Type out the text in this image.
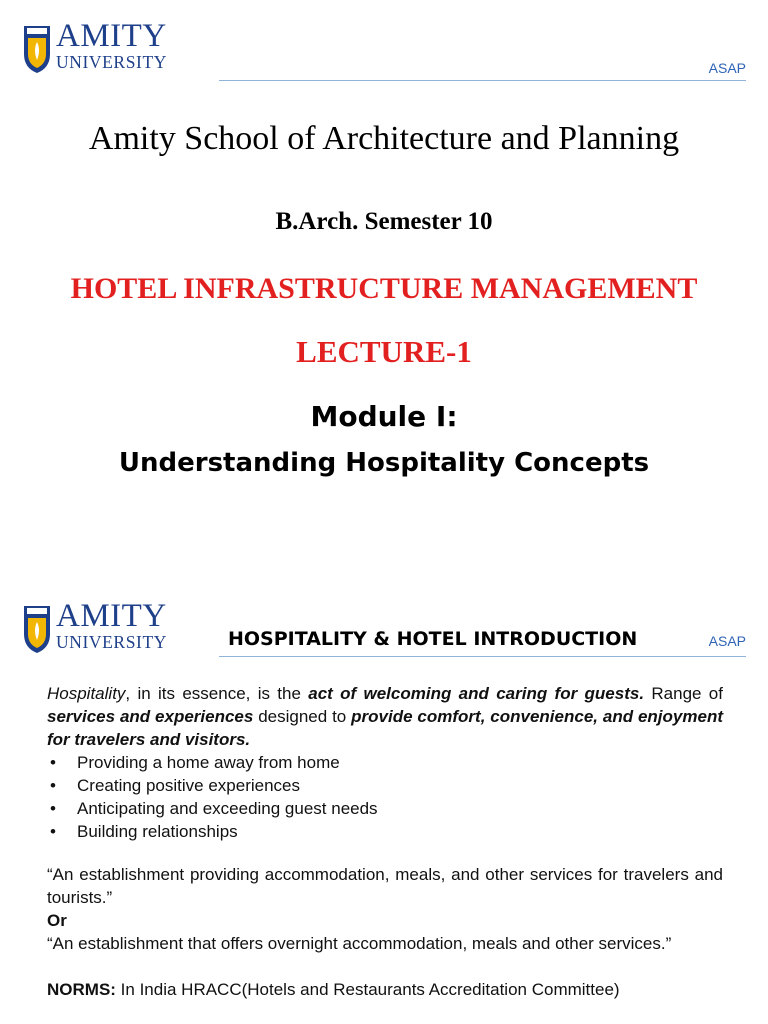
AMITY
UNIVERSITY	ASAP
Amity School of Architecture and Planning
B.Arch. Semester 10
HOTEL INFRASTRUCTURE MANAGEMENT
LECTURE-1
Module I:
Understanding Hospitality Concepts
AMITY
UNIVERSITY	HOSPITALITY & HOTEL INTRODUCTION	ASAP
Hospitality, in its essence, is the act of welcoming and caring for guests. Range of services and experiences designed to provide comfort, convenience, and enjoyment for travelers and visitors.
• Providing a home away from home
• Creating positive experiences
• Anticipating and exceeding guest needs
• Building relationships
“An establishment providing accommodation, meals, and other services for travelers and tourists.”
Or
“An establishment that offers overnight accommodation, meals and other services.”
NORMS: In India HRACC(Hotels and Restaurants Accreditation Committee)
